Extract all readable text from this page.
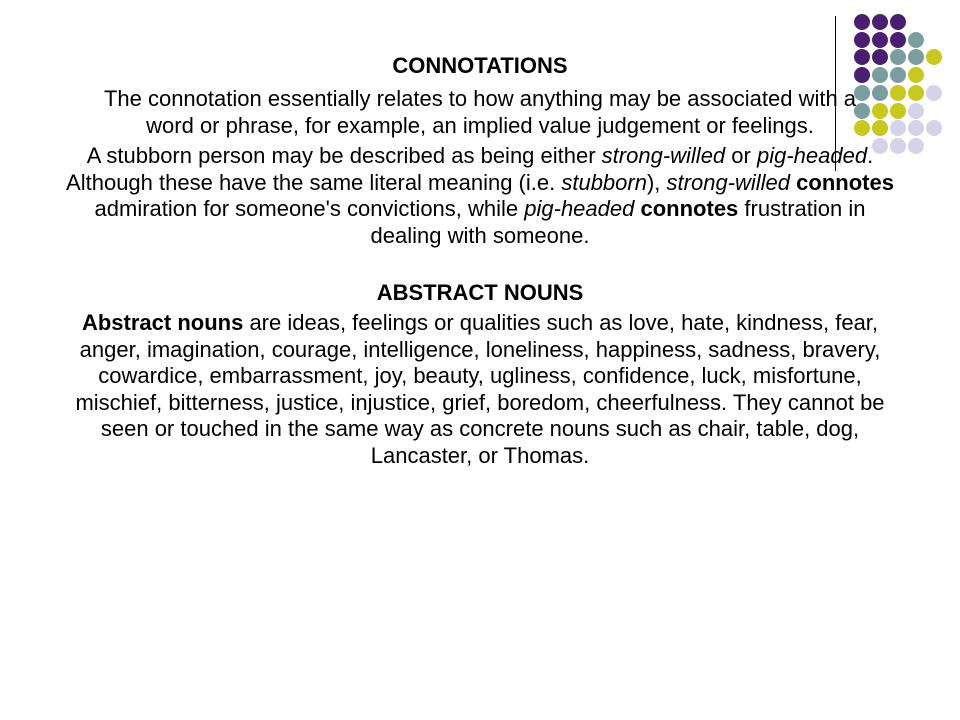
CONNOTATIONS

The connotation essentially relates to how anything may be associated with a word or phrase, for example, an implied value judgement or feelings.

A stubborn person may be described as being either strong-willed or pig-headed. Although these have the same literal meaning (i.e. stubborn), strong-willed connotes admiration for someone's convictions, while pig-headed connotes frustration in dealing with someone.

ABSTRACT NOUNS

Abstract nouns are ideas, feelings or qualities such as love, hate, kindness, fear, anger, imagination, courage, intelligence, loneliness, happiness, sadness, bravery, cowardice, embarrassment, joy, beauty, ugliness, confidence, luck, misfortune, mischief, bitterness, justice, injustice, grief, boredom, cheerfulness. They cannot be seen or touched in the same way as concrete nouns such as chair, table, dog, Lancaster, or Thomas.
